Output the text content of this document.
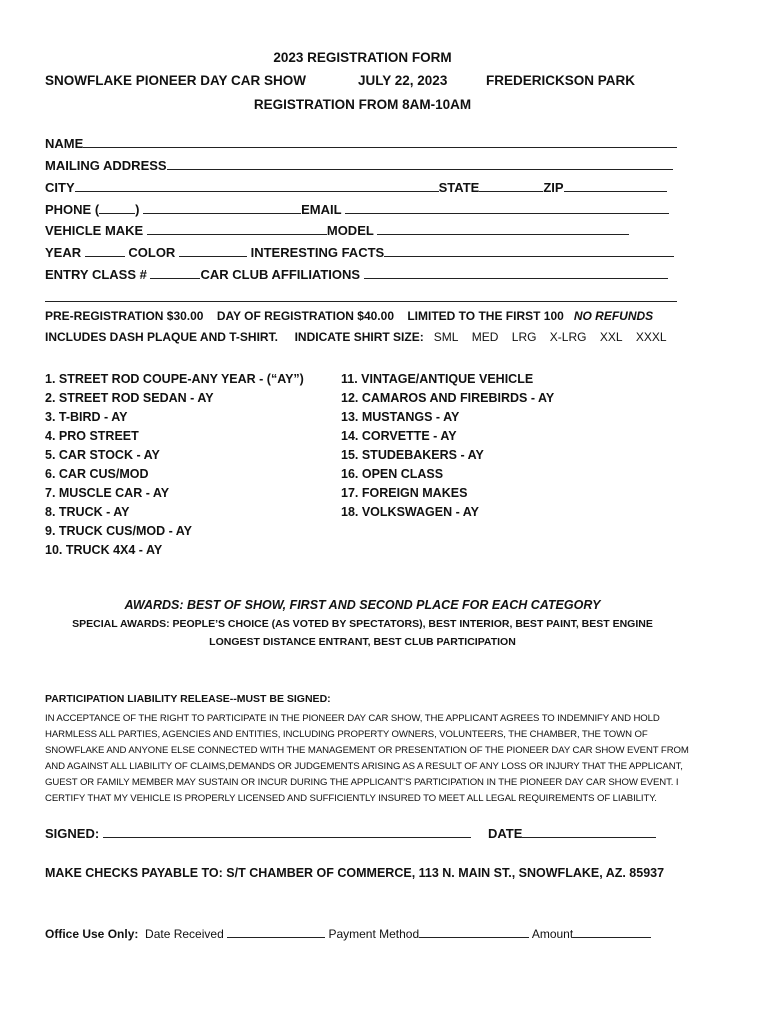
2023 REGISTRATION FORM
SNOWFLAKE PIONEER DAY CAR SHOW	JULY 22, 2023	FREDERICKSON PARK
REGISTRATION FROM 8AM-10AM
NAME
MAILING ADDRESS
CITY	STATE	ZIP
PHONE (	)	EMAIL
VEHICLE MAKE	MODEL
YEAR	COLOR	INTERESTING FACTS
ENTRY CLASS #	CAR CLUB AFFILIATIONS
PRE-REGISTRATION $30.00 DAY OF REGISTRATION $40.00 LIMITED TO THE FIRST 100 NO REFUNDS
INCLUDES DASH PLAQUE AND T-SHIRT. INDICATE SHIRT SIZE: SML MED LRG X-LRG XXL XXXL
1. STREET ROD COUPE-ANY YEAR - (“AY”)
2. STREET ROD SEDAN - AY
3. T-BIRD - AY
4. PRO STREET
5. CAR STOCK - AY
6. CAR CUS/MOD
7. MUSCLE CAR - AY
8. TRUCK - AY
9. TRUCK CUS/MOD - AY
10. TRUCK 4X4 - AY
11. VINTAGE/ANTIQUE VEHICLE
12. CAMAROS AND FIREBIRDS - AY
13. MUSTANGS - AY
14. CORVETTE - AY
15. STUDEBAKERS - AY
16. OPEN CLASS
17. FOREIGN MAKES
18. VOLKSWAGEN - AY
AWARDS: BEST OF SHOW, FIRST AND SECOND PLACE FOR EACH CATEGORY
SPECIAL AWARDS: PEOPLE’S CHOICE (AS VOTED BY SPECTATORS), BEST INTERIOR, BEST PAINT, BEST ENGINE
LONGEST DISTANCE ENTRANT, BEST CLUB PARTICIPATION
PARTICIPATION LIABILITY RELEASE--MUST BE SIGNED:
IN ACCEPTANCE OF THE RIGHT TO PARTICIPATE IN THE PIONEER DAY CAR SHOW, THE APPLICANT AGREES TO INDEMNIFY AND HOLD
HARMLESS ALL PARTIES, AGENCIES AND ENTITIES, INCLUDING PROPERTY OWNERS, VOLUNTEERS, THE CHAMBER, THE TOWN OF
SNOWFLAKE AND ANYONE ELSE CONNECTED WITH THE MANAGEMENT OR PRESENTATION OF THE PIONEER DAY CAR SHOW EVENT FROM
AND AGAINST ALL LIABILITY OF CLAIMS,DEMANDS OR JUDGEMENTS ARISING AS A RESULT OF ANY LOSS OR INJURY THAT THE APPLICANT,
GUEST OR FAMILY MEMBER MAY SUSTAIN OR INCUR DURING THE APPLICANT’S PARTICIPATION IN THE PIONEER DAY CAR SHOW EVENT. I
CERTIFY THAT MY VEHICLE IS PROPERLY LICENSED AND SUFFICIENTLY INSURED TO MEET ALL LEGAL REQUIREMENTS OF LIABILITY.
SIGNED:	DATE
MAKE CHECKS PAYABLE TO: S/T CHAMBER OF COMMERCE, 113 N. MAIN ST., SNOWFLAKE, AZ. 85937
Office Use Only: Date Received	Payment Method	Amount
